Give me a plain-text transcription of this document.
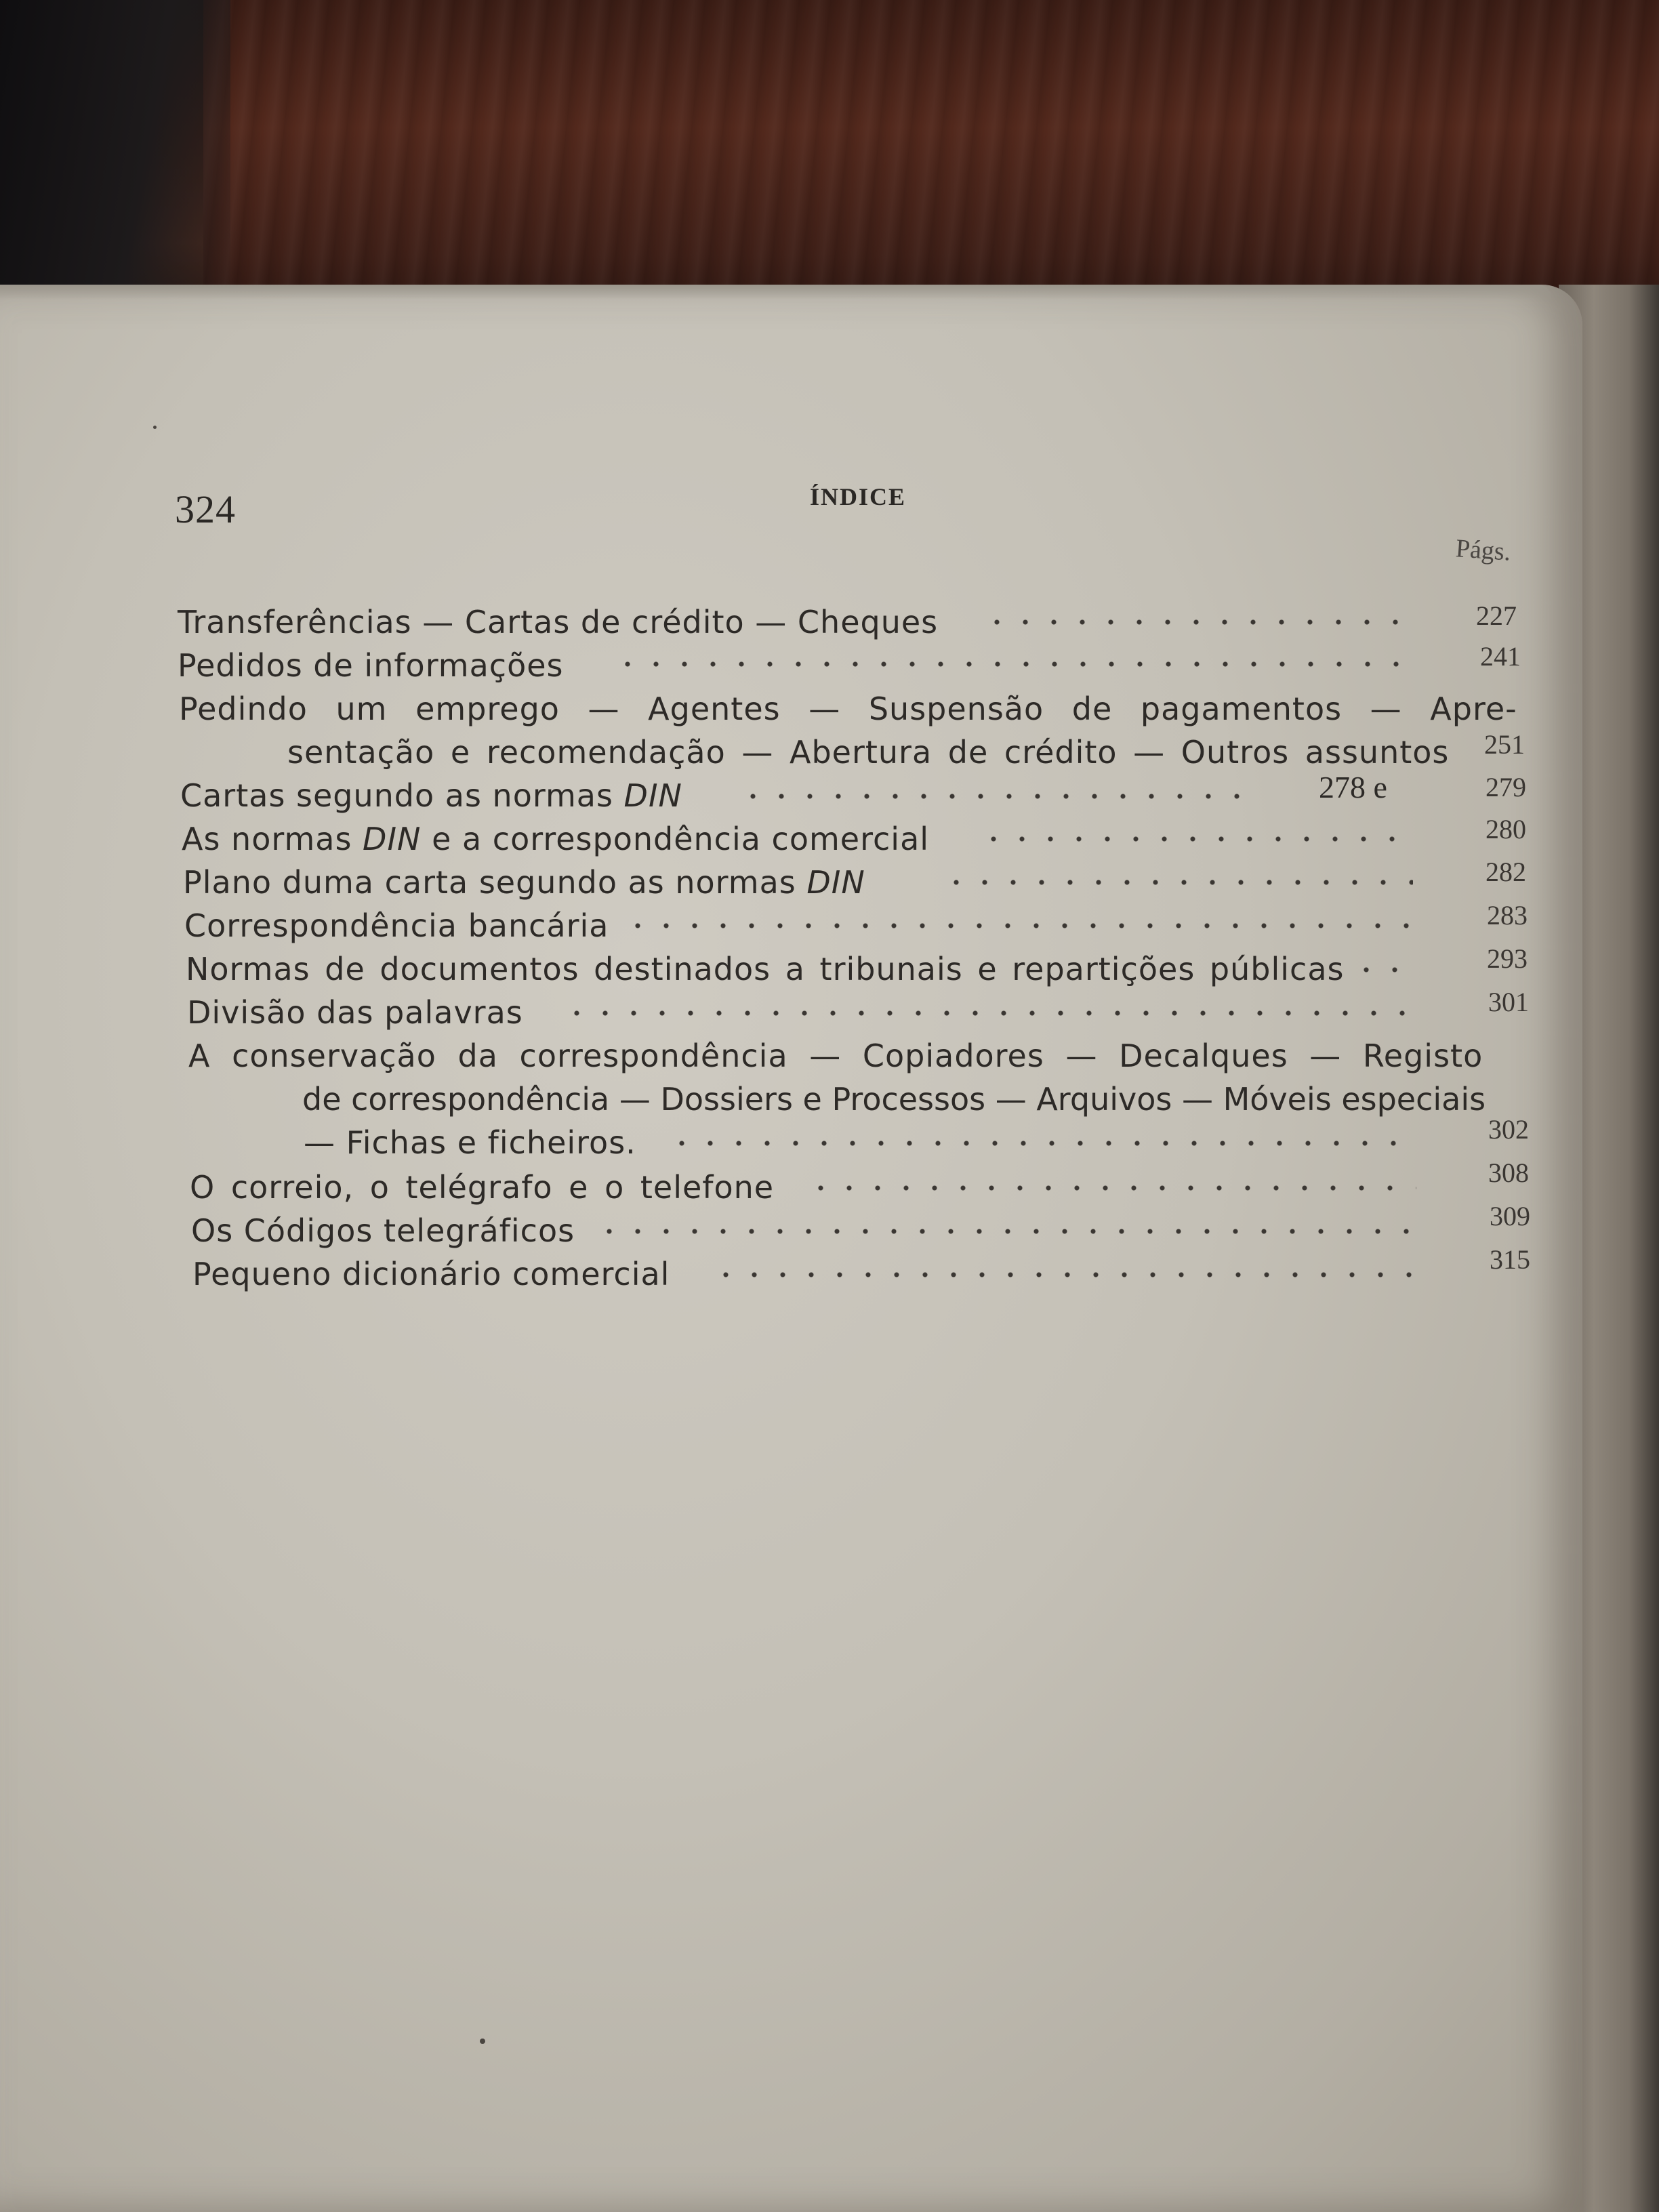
324	ÍNDICE
Págs.
Transferências — Cartas de crédito — Cheques	227
Pedidos de informações	241
Pedindo um emprego — Agentes — Suspensão de pagamentos — Apre-
sentação e recomendação — Abertura de crédito — Outros assuntos 251
Cartas segundo as normas DIN	278 e	279
As normas DIN e a correspondência comercial	280
Plano duma carta segundo as normas DIN	282
Correspondência bancária	283
Normas de documentos destinados a tribunais e repartições públicas	293
Divisão das palavras	301
A conservação da correspondência — Copiadores — Decalques — Registo
de correspondência — Dossiers e Processos — Arquivos — Móveis especiais
— Fichas e ficheiros.	302
O correio, o telégrafo e o telefone	308
Os Códigos telegráficos	309
Pequeno dicionário comercial	315
